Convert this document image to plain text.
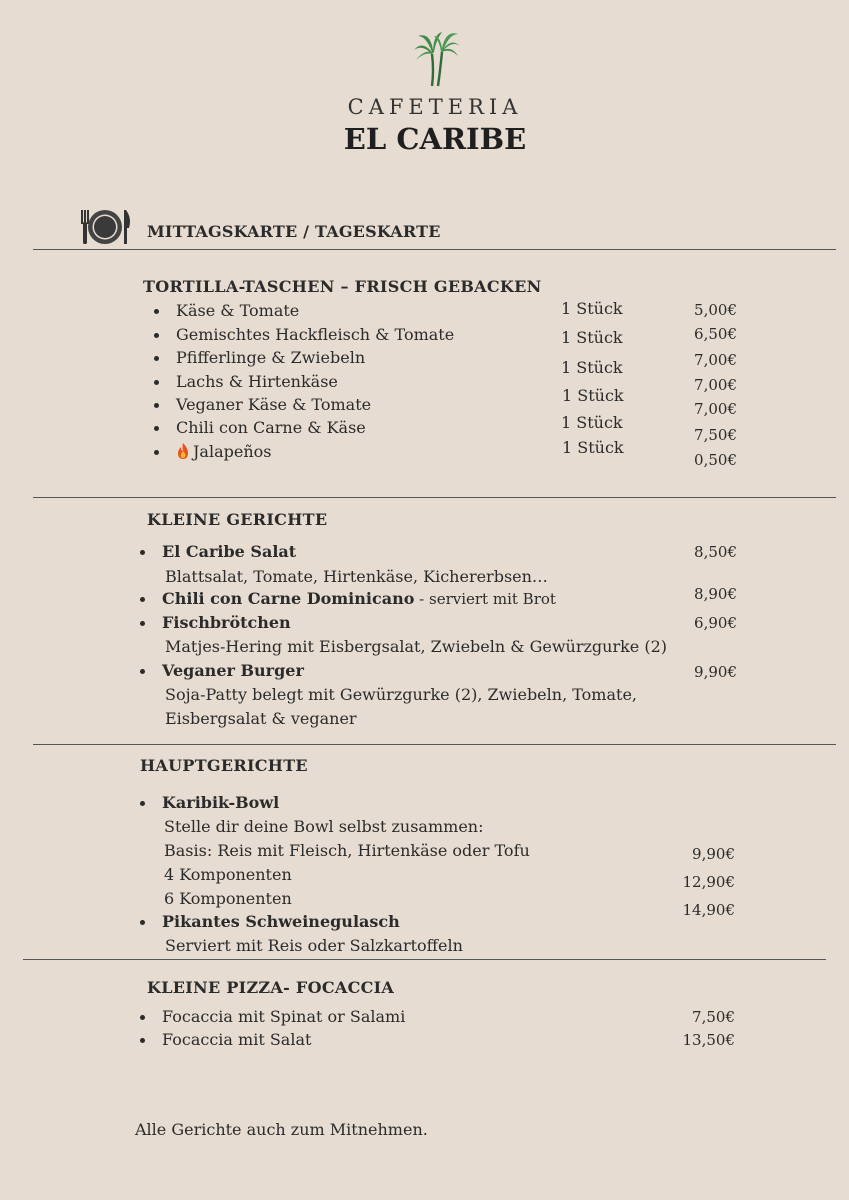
CAFETERIA
EL CARIBE
MITTAGSKARTE / TAGESKARTE
TORTILLA-TASCHEN – FRISCH GEBACKEN
Käse & Tomate
Gemischtes Hackfleisch & Tomate
Pfifferlinge & Zwiebeln
Lachs & Hirtenkäse
Veganer Käse & Tomate
Chili con Carne & Käse
Jalapeños
1 Stück
1 Stück
1 Stück
1 Stück
1 Stück
1 Stück
5,00€
6,50€
7,00€
7,00€
7,00€
7,50€
0,50€
KLEINE GERICHTE
El Caribe Salat
Blattsalat, Tomate, Hirtenkäse, Kichererbsen…
Chili con Carne Dominicano - serviert mit Brot
Fischbrötchen
Matjes-Hering mit Eisbergsalat, Zwiebeln & Gewürzgurke (2)
Veganer Burger
Soja-Patty belegt mit Gewürzgurke (2), Zwiebeln, Tomate,
Eisbergsalat & veganer
8,50€
8,90€
6,90€
9,90€
HAUPTGERICHTE
Karibik-Bowl
Stelle dir deine Bowl selbst zusammen:
Basis: Reis mit Fleisch, Hirtenkäse oder Tofu
4 Komponenten
6 Komponenten
Pikantes Schweinegulasch
Serviert mit Reis oder Salzkartoffeln
9,90€
12,90€
14,90€
KLEINE PIZZA- FOCACCIA
Focaccia mit Spinat or Salami
Focaccia mit Salat
7,50€
13,50€
Alle Gerichte auch zum Mitnehmen.
